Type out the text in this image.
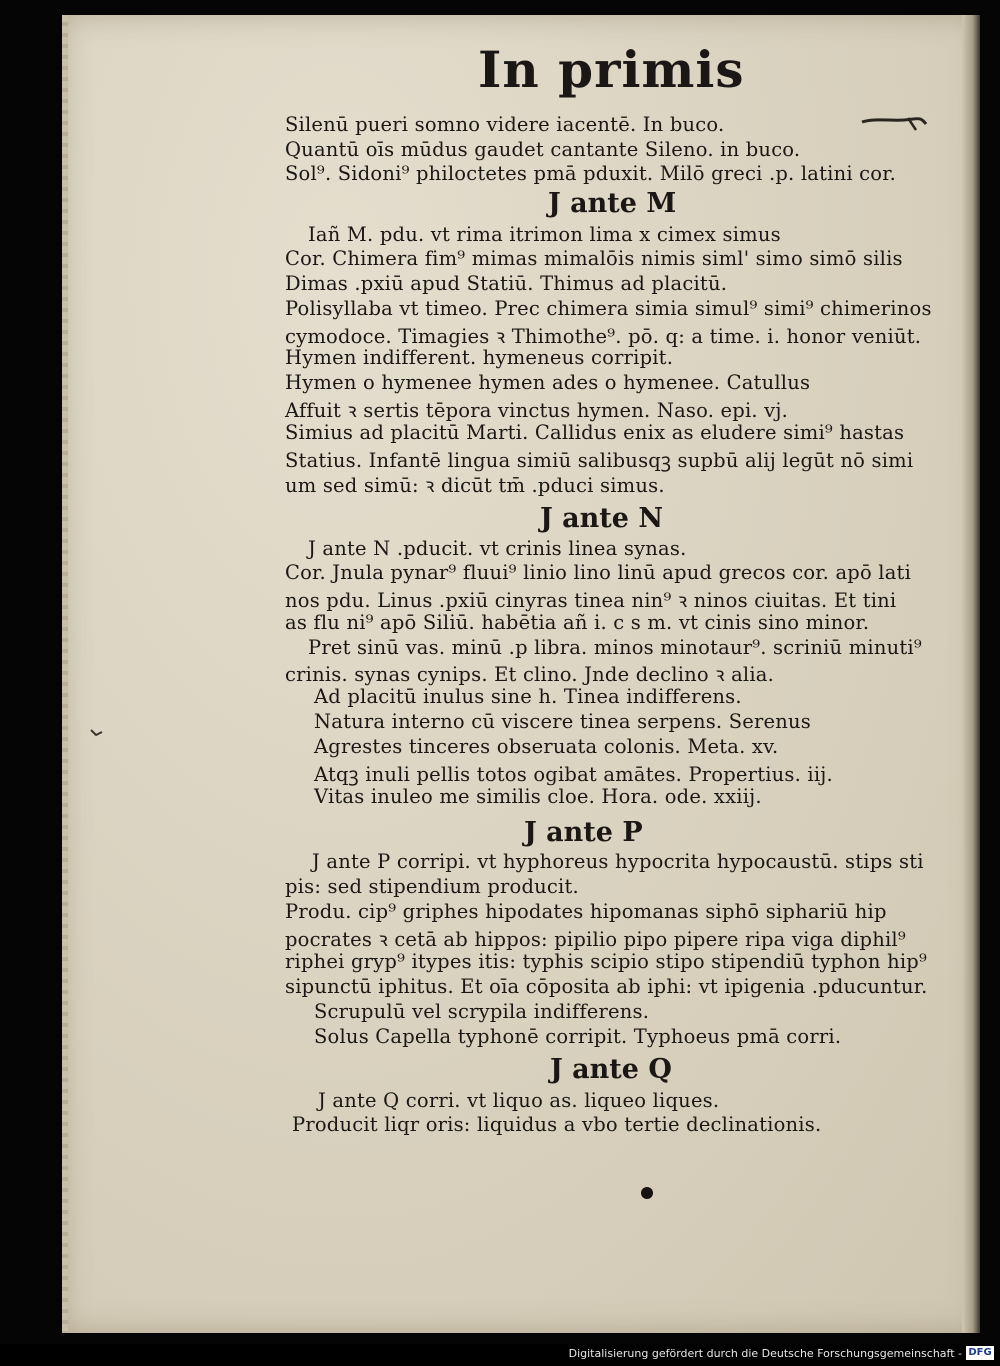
In primis
Silenū pueri somno videre iacentē. In buco.
Quantū oīs mūdus gaudet cantante Sileno. in buco.
Sol⁹. Sidoni⁹ philoctetes pmā pduxit. Milō greci .p. latini cor.
J ante M
Iañ M. pdu. vt rima itrimon lima x cimex simus
Cor. Chimera fim⁹ mimas mimalōis nimis siml' simo simō silis
Dimas .pxiū apud Statiū. Thimus ad placitū.
Polisyllaba vt timeo. Prec chimera simia simul⁹ simi⁹ chimerinos
cymodoce. Timagies ꝛ Thimothe⁹. pō. q: a time. i. honor veniūt.
Hymen indifferent. hymeneus corripit.
Hymen o hymenee hymen ades o hymenee. Catullus
Affuit ꝛ sertis tēpora vinctus hymen. Naso. epi. vj.
Simius ad placitū Marti. Callidus enix as eludere simi⁹ hastas
Statius. Infantē lingua simiū salibusqꝫ supbū alij legūt nō simi
um sed simū: ꝛ dicūt tm̄ .pduci simus.
J ante N
J ante N .pducit. vt crinis linea synas.
Cor. Jnula pynar⁹ fluui⁹ linio lino linū apud grecos cor. apō lati
nos pdu. Linus .pxiū cinyras tinea nin⁹ ꝛ ninos ciuitas. Et tini
as flu ni⁹ apō Siliū. habētia añ i. c s m. vt cinis sino minor.
Pret sinū vas. minū .p libra. minos minotaur⁹. scriniū minuti⁹
crinis. synas cynips. Et clino. Jnde declino ꝛ alia.
Ad placitū inulus sine h. Tinea indifferens.
Natura interno cū viscere tinea serpens. Serenus
Agrestes tinceres obseruata colonis. Meta. xv.
Atqꝫ inuli pellis totos ogibat amātes. Propertius. iij.
Vitas inuleo me similis cloe. Hora. ode. xxiij.
J ante P
J ante P corripi. vt hyphoreus hypocrita hypocaustū. stips sti
pis: sed stipendium producit.
Produ. cip⁹ griphes hipodates hipomanas siphō siphariū hip
pocrates ꝛ cetā ab hippos: pipilio pipo pipere ripa viga diphil⁹
riphei gryp⁹ itypes itis: typhis scipio stipo stipendiū typhon hip⁹
sipunctū iphitus. Et oīa cōposita ab iphi: vt ipigenia .pducuntur.
Scrupulū vel scrypila indifferens.
Solus Capella typhonē corripit. Typhoeus pmā corri.
J ante Q
J ante Q corri. vt liquo as. liqueo liques.
Producit liqr oris: liquidus a vbo tertie declinationis.
Digitalisierung gefördert durch die Deutsche Forschungsgemeinschaft - DFG
